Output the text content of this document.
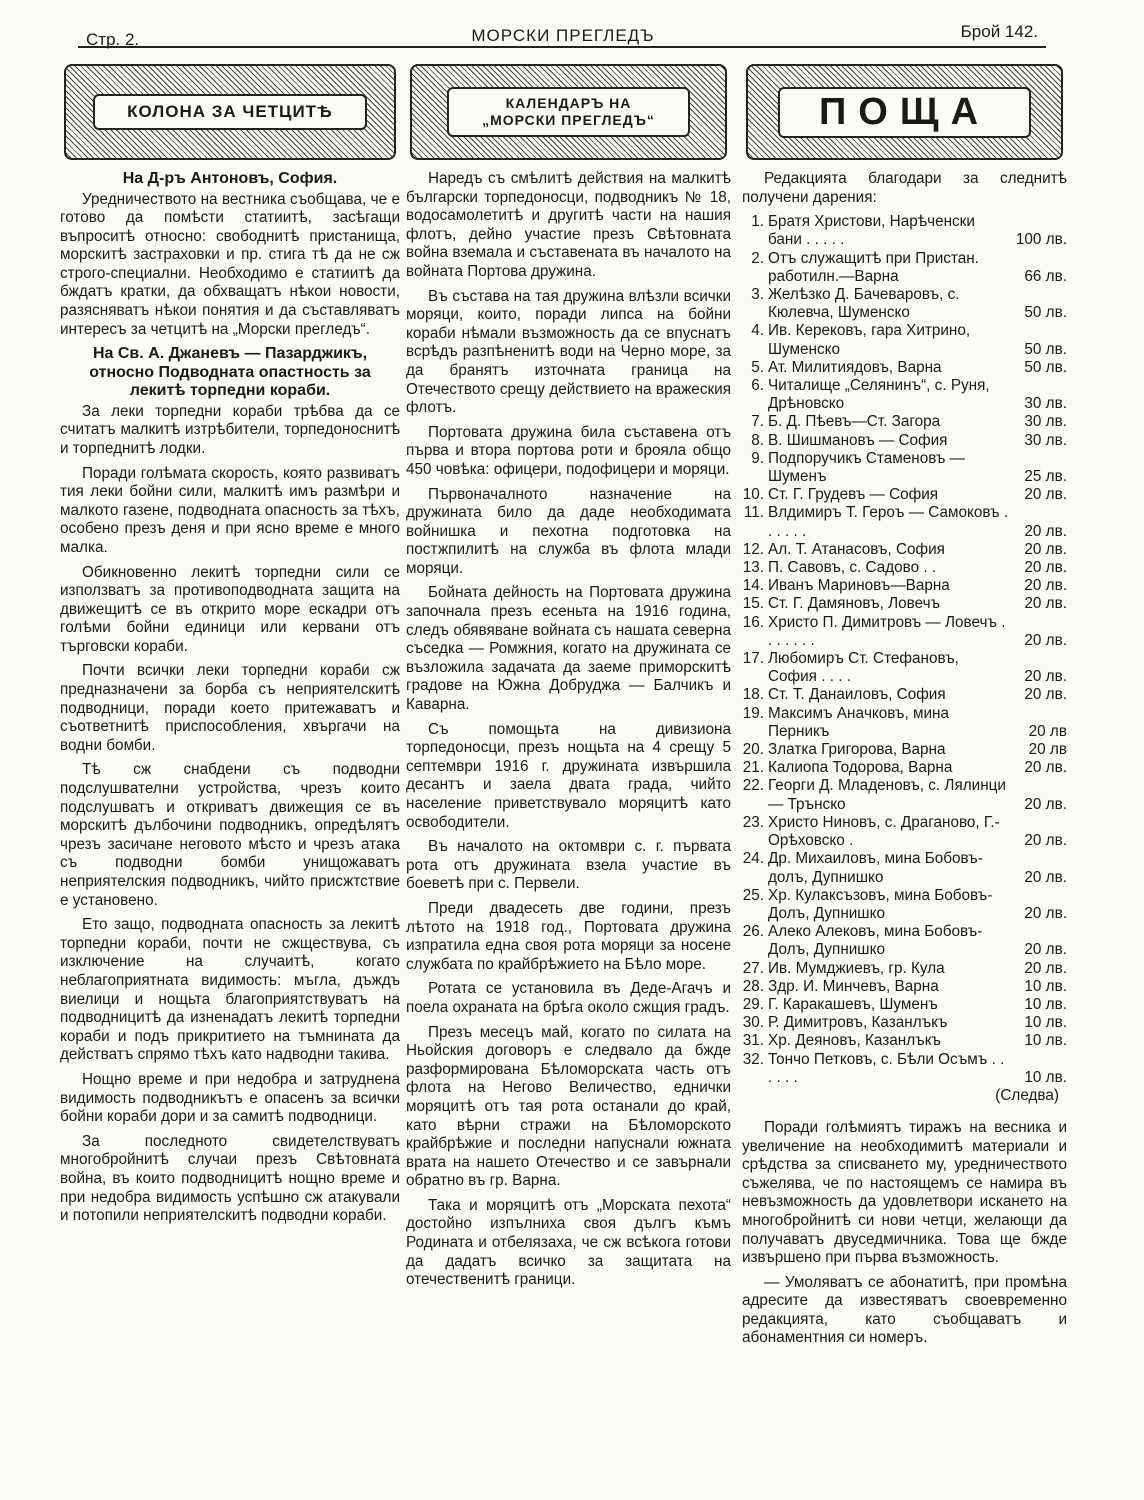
Стр. 2.	МОРСКИ ПРЕГЛЕДЪ	Брой 142.
КОЛОНА ЗА ЧЕТЦИТѢ
На Д-ръ Антоновъ, София.

Уредничеството на вестника съобщава, че е готово да помѣсти статиитѣ, засѣгащи въпроситѣ относно: свободнитѣ пристанища, морскитѣ застраховки и пр. стига тѣ да не сж строго-специални. Необходимо е статиитѣ да бждатъ кратки, да обхващатъ нѣкои новости, разясняватъ нѣкои понятия и да съставляватъ интересъ за четцитѣ на „Морски прегледъ“.

На Св. А. Джаневъ — Пазарджикъ, относно Подводната опастность за лекитѣ торпедни кораби.

За леки торпедни кораби трѣбва да се считатъ малкитѣ изтрѣбители, торпедоноснитѣ и торпеднитѣ лодки.

Поради голѣмата скорость, която развиватъ тия леки бойни сили, малкитѣ имъ размѣри и малкото газене, подводната опасность за тѣхъ, особено презъ деня и при ясно време е много малка.

Обикновенно лекитѣ торпедни сили се използватъ за противоподводната защита на движещитѣ се въ открито море ескадри отъ голѣми бойни единици или кервани отъ търговски кораби.

Почти всички леки торпедни кораби сж предназначени за борба съ неприятелскитѣ подводници, поради което притежаватъ и съответнитѣ приспособления, хвъргачи на водни бомби.

Тѣ сж снабдени съ подводни подслушвателни устройства, чрезъ които подслушватъ и откриватъ движещия се въ морскитѣ дълбочини подводникъ, опредѣлятъ чрезъ засичане неговото мѣсто и чрезъ атака съ подводни бомби унищожаватъ неприятелския подводникъ, чийто присжтствие е установено.

Ето защо, подводната опасность за лекитѣ торпедни кораби, почти не сжществува, съ изключение на случаитѣ, когато неблагоприятната видимость: мъгла, дъждъ виелици и нощьта благоприятствуватъ на подводницитѣ да изненадатъ лекитѣ торпедни кораби и подъ прикритието на тъмнината да действатъ спрямо тѣхъ като надводни такива.

Нощно време и при недобра и затруднена видимость подводникътъ е опасенъ за всички бойни кораби дори и за самитѣ подводници.

За последното свидетелствуватъ многобройнитѣ случаи презъ Свѣтовната война, въ които подводницитѣ нощно време и при недобра видимость успѣшно сж атакували и потопили неприятелскитѣ подводни кораби.

КАЛЕНДАРЪ НА
„МОРСКИ ПРЕГЛЕДЪ“

Наредъ съ смѣлитѣ действия на малкитѣ български торпедоносци, подводникъ № 18, водосамолетитѣ и другитѣ части на нашия флотъ, дейно участие презъ Свѣтовната война вземала и съставената въ началото на войната Портова дружина.

Въ състава на тая дружина влѣзли всички моряци, които, поради липса на бойни кораби нѣмали възможность да се впуснатъ всрѣдъ разпѣненитѣ води на Черно море, за да бранятъ източната граница на Отечеството срещу действието на вражеския флотъ.

Портовата дружина била съставена отъ първа и втора портова роти и брояла общо 450 човѣка: офицери, подофицери и моряци.

Първоначалното назначение на дружината било да даде необходимата войнишка и пехотна подготовка на постжпилитѣ на служба въ флота млади моряци.

Бойната дейность на Портовата дружина започнала презъ есеньта на 1916 година, следъ обявяване войната съ нашата северна съседка — Ромжния, когато на дружината се възложила задачата да заеме приморскитѣ градове на Южна Добруджа — Балчикъ и Каварна.

Съ помощьта на дивизиона торпедоносци, презъ нощьта на 4 срещу 5 септември 1916 г. дружината извършила десантъ и заела двата града, чийто население приветствувало моряцитѣ като освободители.

Въ началото на октомври с. г. първата рота отъ дружината взела участие въ боеветѣ при с. Первели.

Преди двадесеть две години, презъ лѣтото на 1918 год., Портовата дружина изпратила една своя рота моряци за носене службата по крайбрѣжието на Бѣло море.

Ротата се установила въ Деде-Агачъ и поела охраната на брѣга около сжщия градъ.

Презъ месецъ май, когато по силата на Ньойския договоръ е следвало да бжде разформирована Бѣломорската часть отъ флота на Негово Величество, еднички моряцитѣ отъ тая рота останали до край, като вѣрни стражи на Бѣломорското крайбрѣжие и последни напуснали южната врата на нашето Отечество и се завърнали обратно въ гр. Варна.

Така и моряцитѣ отъ „Морската пехота“ достойно изпълниха своя дългъ къмъ Родината и отбелязаха, че сж всѣкога готови да дадатъ всичко за защитата на отечественитѣ граници.

ПОЩА

Редакцията благодари за следнитѣ получени дарения:

1. Братя Христови, Нарѣченски бани . . . . .	100 лв.
2. Отъ служащитѣ при Пристан. работилн.—Варна	66 лв.
3. Желѣзко Д. Бачеваровъ, с. Кюлевча, Шуменско	50 лв.
4. Ив. Керековъ, гара Хитрино, Шуменско	50 лв.
5. Ат. Милитиядовъ, Варна	50 лв.
6. Читалище „Селянинъ“, с. Руня, Дрѣновско	30 лв.
7. Б. Д. Пѣевъ—Ст. Загора	30 лв.
8. В. Шишмановъ — София	30 лв.
9. Подпоручикъ Стаменовъ —Шуменъ	25 лв.
10. Ст. Г. Грудевъ — София	20 лв.
11. Влдимиръ Т. Героъ — Самоковъ . . . . . .	20 лв.
12. Ал. Т. Атанасовъ, София	20 лв.
13. П. Савовъ, с. Садово . .	20 лв.
14. Иванъ Мариновъ—Варна	20 лв.
15. Ст. Г. Дамяновъ, Ловечъ	20 лв.
16. Христо П. Димитровъ — Ловечъ . . . . . . .	20 лв.
17. Любомиръ Ст. Стефановъ, София . . . .	20 лв.
18. Ст. Т. Данаиловъ, София	20 лв.
19. Максимъ Анaчковъ, мина Перникъ	20 лв
20. Златка Григорова, Варна	20 лв
21. Калиопа Тодорова, Варна	20 лв.
22. Георги Д. Младеновъ, с. Лялинци — Трънско	20 лв.
23. Христо Ниновъ, с. Драганово, Г.-Орѣховско .	20 лв.
24. Др. Михаиловъ, мина Бобовъ-долъ, Дупнишко	20 лв.
25. Хр. Кулаксъзовъ, мина Бобовъ-Долъ, Дупнишко	20 лв.
26. Алеко Алековъ, мина Бобовъ-Долъ, Дупнишко	20 лв.
27. Ив. Мумджиевъ, гр. Кула	20 лв.
28. Здр. И. Минчевъ, Варна	10 лв.
29. Г. Каракашевъ, Шуменъ	10 лв.
30. Р. Димитровъ, Казанлъкъ	10 лв.
31. Хр. Деяновъ, Казанлъкъ	10 лв.
32. Тончо Петковъ, с. Бѣли Осъмъ . . . . . .	10 лв.
(Следва)

Поради голѣмиятъ тиражъ на весника и увеличение на необходимитѣ материали и срѣдства за списването му, уредничеството съжелява, че по настоящемъ се намира въ невъзможность да удовлетвори искането на многобройнитѣ си нови четци, желающи да получаватъ двуседмичника. Това ще бжде извършено при първа възможность.

— Умоляватъ се абонатитѣ, при промѣна адресите да известяватъ своевременно редакцията, като съобщаватъ и абонаментния си номеръ.
